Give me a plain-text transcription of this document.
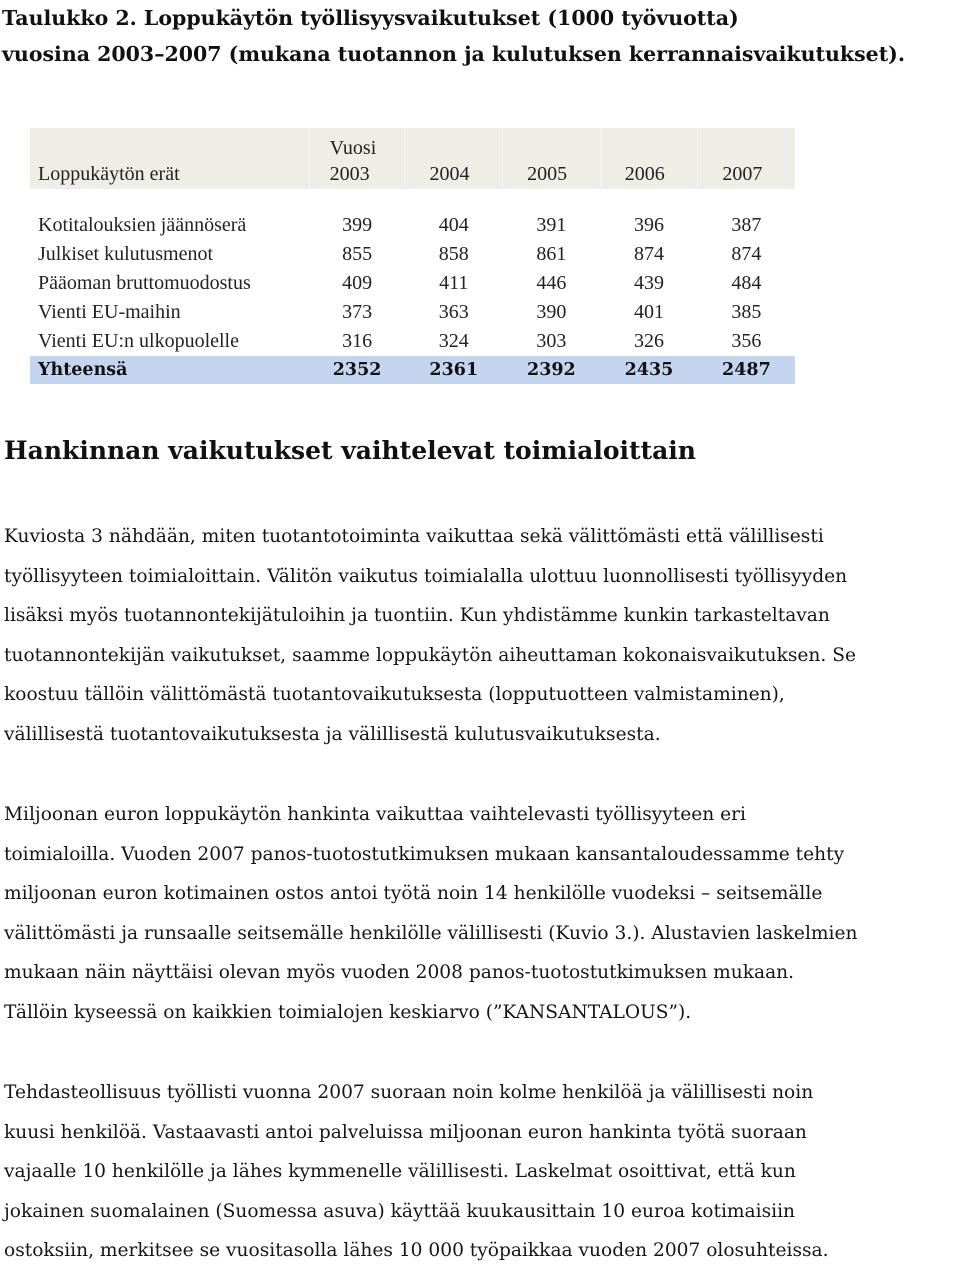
Taulukko 2. Loppukäytön työllisyysvaikutukset (1000 työvuotta)
vuosina 2003–2007 (mukana tuotannon ja kulutuksen kerrannaisvaikutukset).
	Vuosi				
Loppukäytön erät	2003	2004	2005	2006	2007

Kotitalouksien jäännöserä	399	404	391	396	387
Julkiset kulutusmenot	855	858	861	874	874
Pääoman bruttomuodostus	409	411	446	439	484
Vienti EU-maihin	373	363	390	401	385
Vienti EU:n ulkopuolelle	316	324	303	326	356
Yhteensä	2352	2361	2392	2435	2487
Hankinnan vaikutukset vaihtelevat toimialoittain
Kuviosta 3 nähdään, miten tuotantotoiminta vaikuttaa sekä välittömästi että välillisesti
työllisyyteen toimialoittain. Välitön vaikutus toimialalla ulottuu luonnollisesti työllisyyden
lisäksi myös tuotannontekijätuloihin ja tuontiin. Kun yhdistämme kunkin tarkasteltavan
tuotannontekijän vaikutukset, saamme loppukäytön aiheuttaman kokonaisvaikutuksen. Se
koostuu tällöin välittömästä tuotantovaikutuksesta (lopputuotteen valmistaminen),
välillisestä tuotantovaikutuksesta ja välillisestä kulutusvaikutuksesta.
Miljoonan euron loppukäytön hankinta vaikuttaa vaihtelevasti työllisyyteen eri
toimialoilla. Vuoden 2007 panos-tuotostutkimuksen mukaan kansantaloudessamme tehty
miljoonan euron kotimainen ostos antoi työtä noin 14 henkilölle vuodeksi – seitsemälle
välittömästi ja runsaalle seitsemälle henkilölle välillisesti (Kuvio 3.). Alustavien laskelmien
mukaan näin näyttäisi olevan myös vuoden 2008 panos-tuotostutkimuksen mukaan.
Tällöin kyseessä on kaikkien toimialojen keskiarvo (”KANSANTALOUS”).
Tehdasteollisuus työllisti vuonna 2007 suoraan noin kolme henkilöä ja välillisesti noin
kuusi henkilöä. Vastaavasti antoi palveluissa miljoonan euron hankinta työtä suoraan
vajaalle 10 henkilölle ja lähes kymmenelle välillisesti. Laskelmat osoittivat, että kun
jokainen suomalainen (Suomessa asuva) käyttää kuukausittain 10 euroa kotimaisiin
ostoksiin, merkitsee se vuositasolla lähes 10 000 työpaikkaa vuoden 2007 olosuhteissa.
